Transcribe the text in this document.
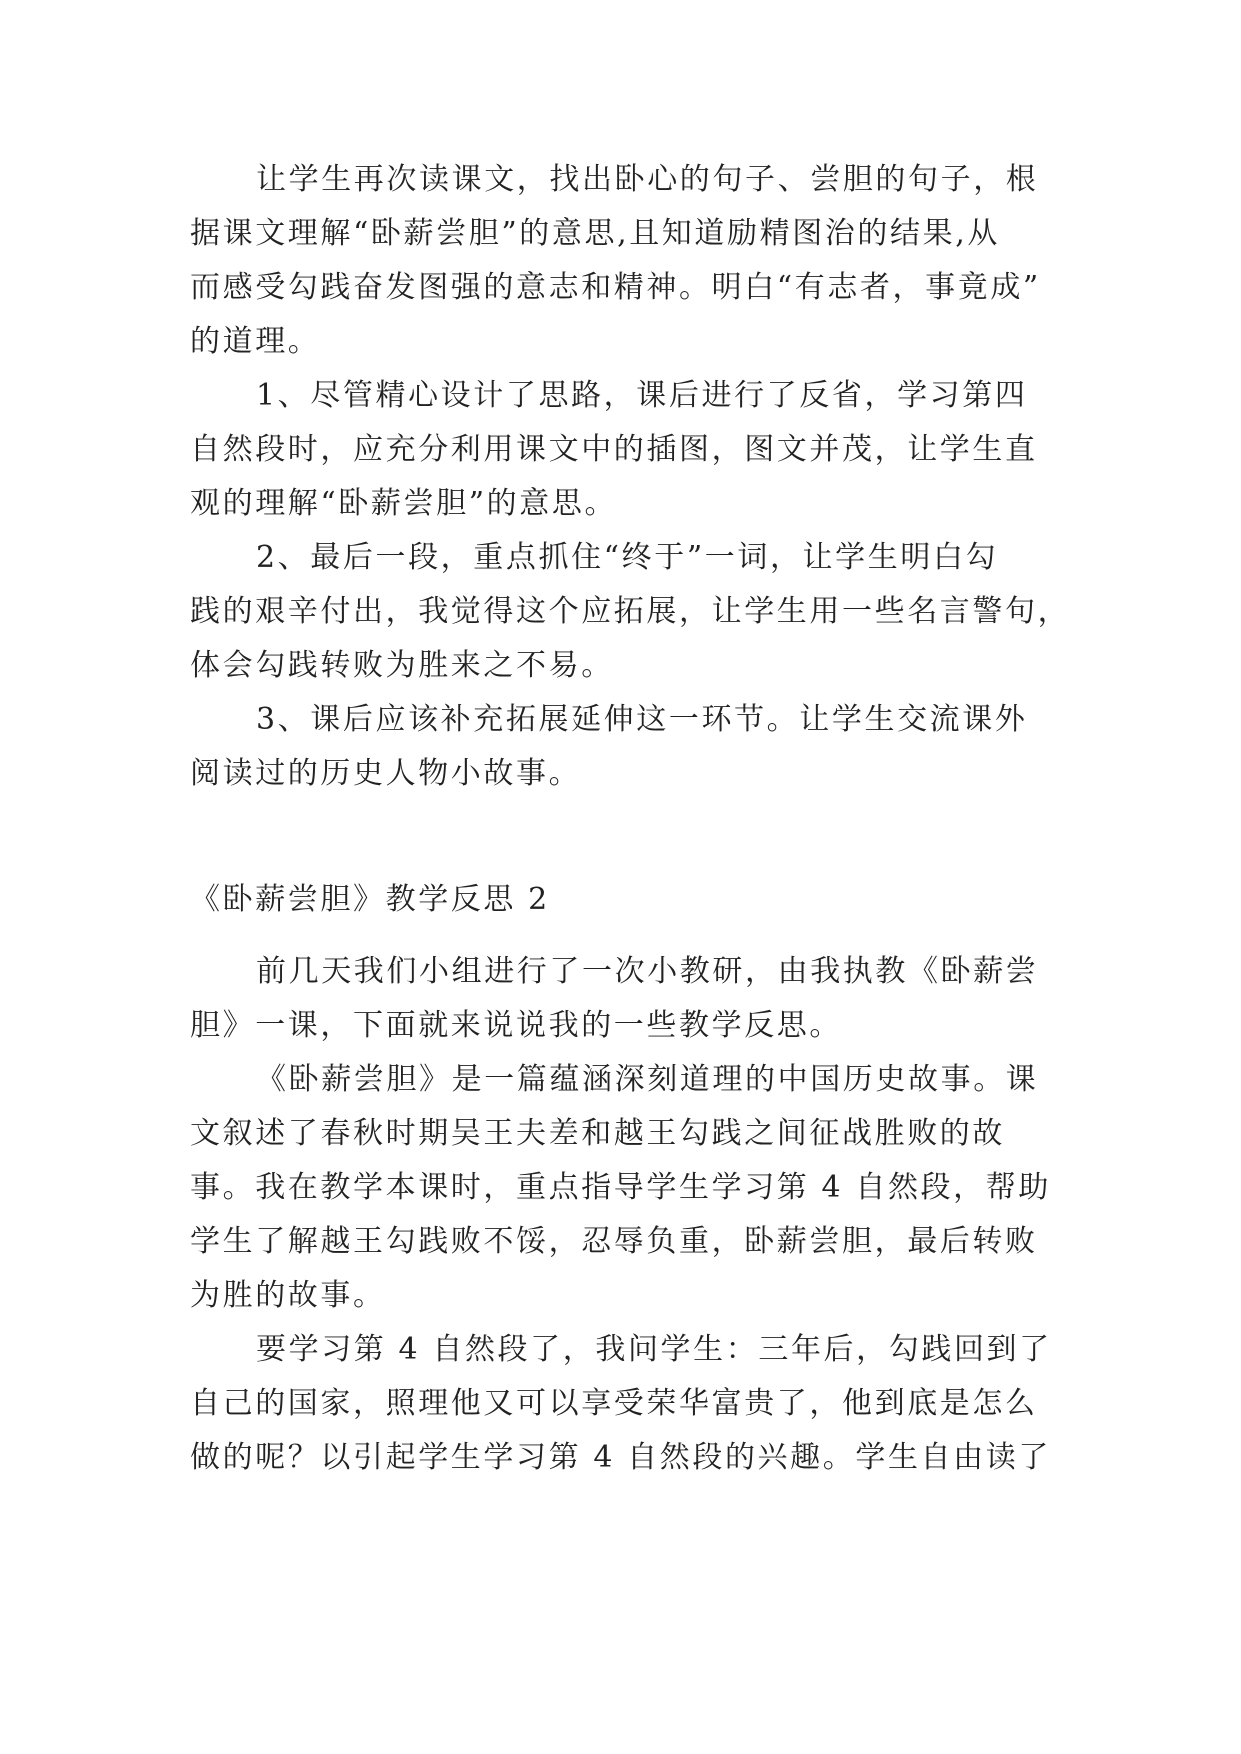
让学生再次读课文，找出卧心的句子、尝胆的句子，根
据课文理解“卧薪尝胆”的意思,且知道励精图治的结果,从
而感受勾践奋发图强的意志和精神。明白“有志者，事竟成”
的道理。
1、尽管精心设计了思路，课后进行了反省，学习第四
自然段时，应充分利用课文中的插图，图文并茂，让学生直
观的理解“卧薪尝胆”的意思。
2、最后一段，重点抓住“终于”一词，让学生明白勾
践的艰辛付出，我觉得这个应拓展，让学生用一些名言警句，
体会勾践转败为胜来之不易。
3、课后应该补充拓展延伸这一环节。让学生交流课外
阅读过的历史人物小故事。
《卧薪尝胆》教学反思 2
前几天我们小组进行了一次小教研，由我执教《卧薪尝
胆》一课，下面就来说说我的一些教学反思。
《卧薪尝胆》是一篇蕴涵深刻道理的中国历史故事。课
文叙述了春秋时期吴王夫差和越王勾践之间征战胜败的故
事。我在教学本课时，重点指导学生学习第 4 自然段，帮助
学生了解越王勾践败不馁，忍辱负重，卧薪尝胆，最后转败
为胜的故事。
要学习第 4 自然段了，我问学生：三年后，勾践回到了
自己的国家，照理他又可以享受荣华富贵了，他到底是怎么
做的呢？以引起学生学习第 4 自然段的兴趣。学生自由读了
